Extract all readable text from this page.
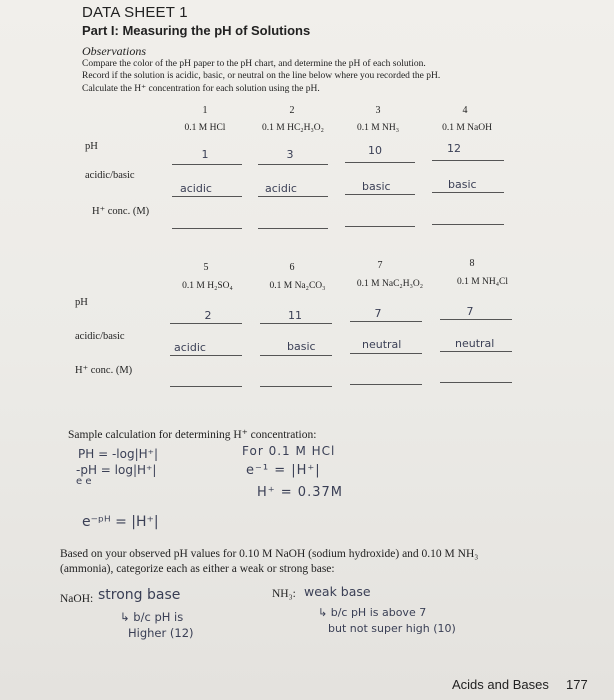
DATA SHEET 1
Part I: Measuring the pH of Solutions
Observations
Compare the color of the pH paper to the pH chart, and determine the pH of each solution.
Record if the solution is acidic, basic, or neutral on the line below where you recorded the pH.
Calculate the H⁺ concentration for each solution using the pH.
1	2	3	4
0.1 M HCl	0.1 M HC₂H₃O₂	0.1 M NH₃	0.1 M NaOH
pH
1	3	10	12
acidic/basic
acidic	acidic	basic	basic
H⁺ conc. (M)
5	6	7	8
0.1 M H₂SO₄	0.1 M Na₂CO₃	0.1 M NaC₂H₃O₂	0.1 M NH₄Cl
pH
2	11	7	7
acidic/basic
acidic	basic	neutral	neutral
H⁺ conc. (M)
Sample calculation for determining H⁺ concentration:
PH = -log|H⁺|
-pH = log|H⁺|
e e
e⁻ᵖᴴ = |H⁺|
For 0.1 M HCl
e⁻¹ = |H⁺|
H⁺ = 0.37M
Based on your observed pH values for 0.10 M NaOH (sodium hydroxide) and 0.10 M NH₃
(ammonia), categorize each as either a weak or strong base:
NaOH: strong base
↳ b/c pH is
Higher (12)
NH₃: weak base
↳ b/c pH is above 7
but not super high (10)
Acids and Bases 177
